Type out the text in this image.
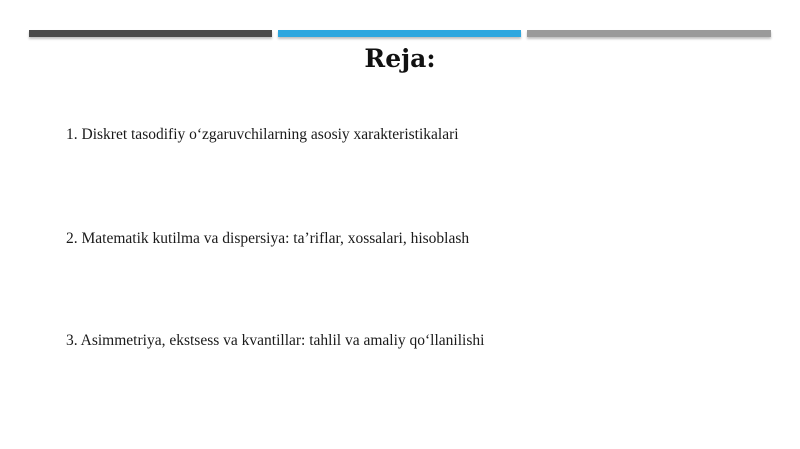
Reja:
1. Diskret tasodifiy o‘zgaruvchilarning asosiy xarakteristikalari
2. Matematik kutilma va dispersiya: ta’riflar, xossalari, hisoblash
3. Asimmetriya, ekstsess va kvantillar: tahlil va amaliy qo‘llanilishi
